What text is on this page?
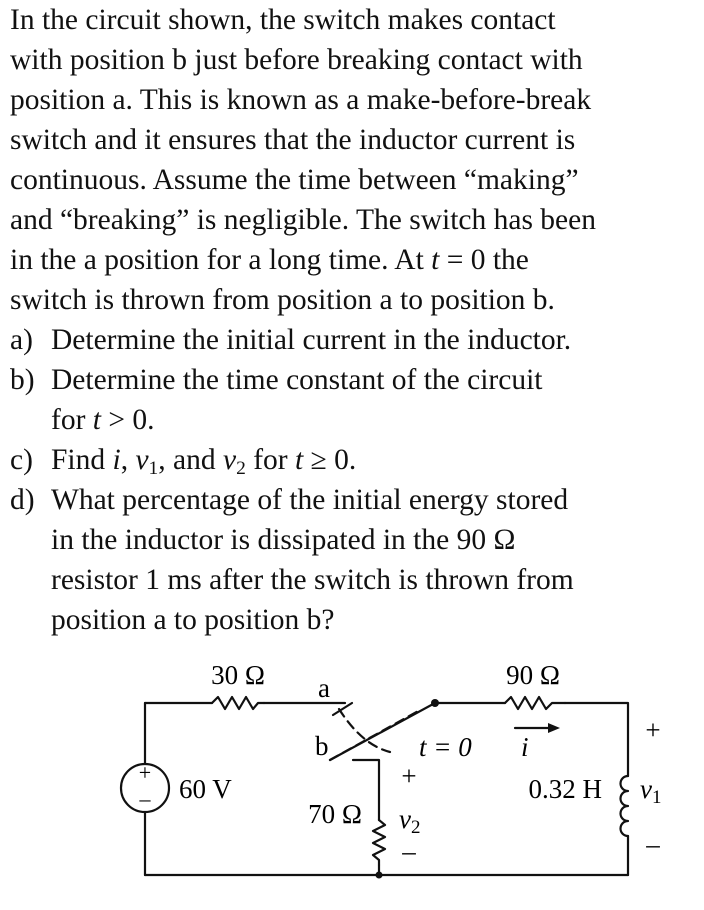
In the circuit shown, the switch makes contact
with position b just before breaking contact with
position a. This is known as a make-before-break
switch and it ensures that the inductor current is
continuous. Assume the time between “making”
and “breaking” is negligible. The switch has been
in the a position for a long time. At t = 0 the
switch is thrown from position a to position b.
a) Determine the initial current in the inductor.
b) Determine the time constant of the circuit
for t > 0.
c) Find i, $v_1$, and $v_2$ for t ≥ 0.
d) What percentage of the initial energy stored
in the inductor is dissipated in the 90 Ω
resistor 1 ms after the switch is thrown from
position a to position b?
30 Ω	90 Ω
a
b	t = 0 i
+
– 60 V	+
70 Ω v2
–
+
0.32 H v1
–
